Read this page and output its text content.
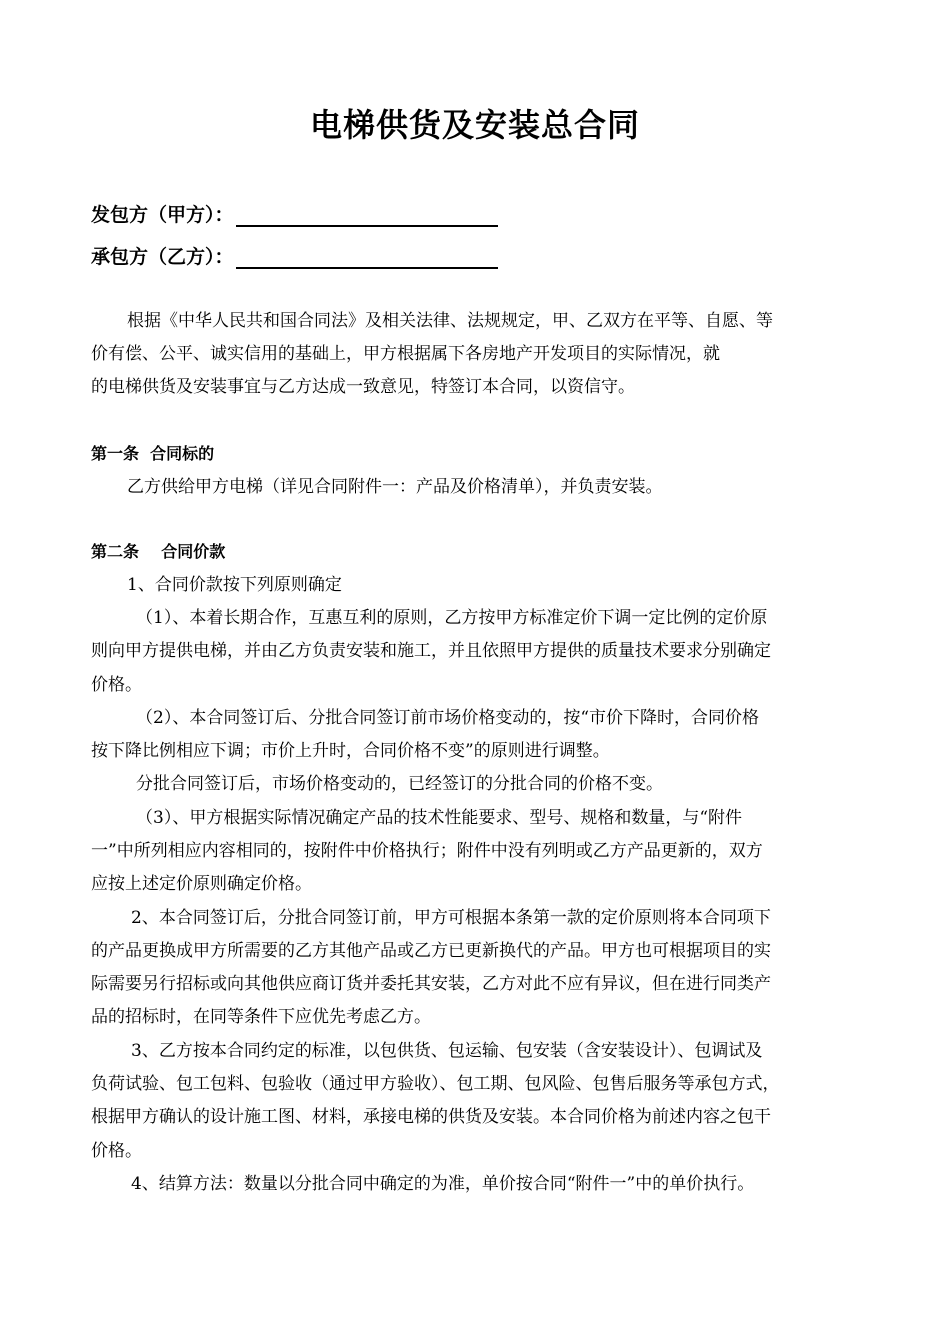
电梯供货及安装总合同
发包方（甲方）：
承包方（乙方）：
根据《中华人民共和国合同法》及相关法律、法规规定，甲、乙双方在平等、自愿、等
价有偿、公平、诚实信用的基础上，甲方根据属下各房地产开发项目的实际情况，就
的电梯供货及安装事宜与乙方达成一致意见，特签订本合同，以资信守。
第一条  合同标的
乙方供给甲方电梯（详见合同附件一：产品及价格清单），并负责安装。
第二条    合同价款
1、合同价款按下列原则确定
（1）、本着长期合作，互惠互利的原则，乙方按甲方标准定价下调一定比例的定价原
则向甲方提供电梯，并由乙方负责安装和施工，并且依照甲方提供的质量技术要求分别确定
价格。
（2）、本合同签订后、分批合同签订前市场价格变动的，按“市价下降时，合同价格
按下降比例相应下调；市价上升时，合同价格不变”的原则进行调整。
分批合同签订后，市场价格变动的，已经签订的分批合同的价格不变。
（3）、甲方根据实际情况确定产品的技术性能要求、型号、规格和数量，与“附件
一”中所列相应内容相同的，按附件中价格执行；附件中没有列明或乙方产品更新的，双方
应按上述定价原则确定价格。
2、本合同签订后，分批合同签订前，甲方可根据本条第一款的定价原则将本合同项下
的产品更换成甲方所需要的乙方其他产品或乙方已更新换代的产品。甲方也可根据项目的实
际需要另行招标或向其他供应商订货并委托其安装，乙方对此不应有异议，但在进行同类产
品的招标时，在同等条件下应优先考虑乙方。
3、乙方按本合同约定的标准，以包供货、包运输、包安装（含安装设计）、包调试及
负荷试验、包工包料、包验收（通过甲方验收）、包工期、包风险、包售后服务等承包方式，
根据甲方确认的设计施工图、材料，承接电梯的供货及安装。本合同价格为前述内容之包干
价格。
4、结算方法：数量以分批合同中确定的为准，单价按合同“附件一”中的单价执行。
